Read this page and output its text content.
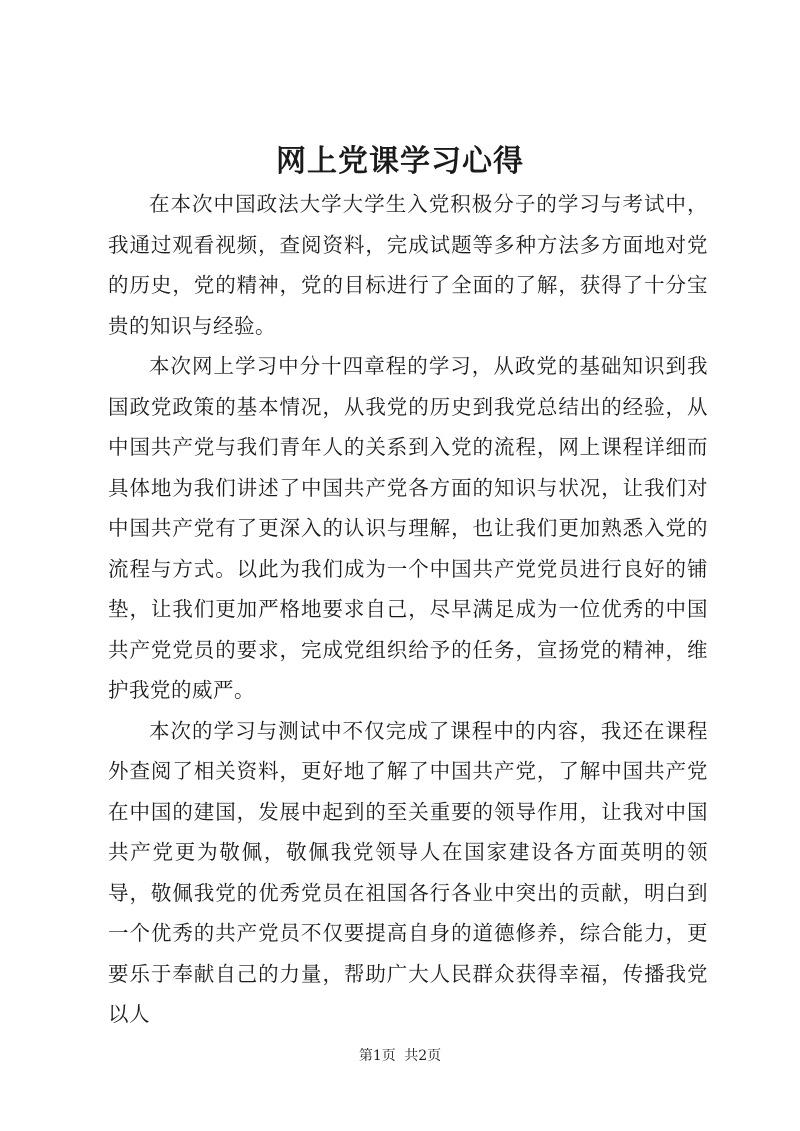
网上党课学习心得

在本次中国政法大学大学生入党积极分子的学习与考试中，我通过观看视频，查阅资料，完成试题等多种方法多方面地对党的历史，党的精神，党的目标进行了全面的了解，获得了十分宝贵的知识与经验。

本次网上学习中分十四章程的学习，从政党的基础知识到我国政党政策的基本情况，从我党的历史到我党总结出的经验，从中国共产党与我们青年人的关系到入党的流程，网上课程详细而具体地为我们讲述了中国共产党各方面的知识与状况，让我们对中国共产党有了更深入的认识与理解，也让我们更加熟悉入党的流程与方式。以此为我们成为一个中国共产党党员进行良好的铺垫，让我们更加严格地要求自己，尽早满足成为一位优秀的中国共产党党员的要求，完成党组织给予的任务，宣扬党的精神，维护我党的威严。

本次的学习与测试中不仅完成了课程中的内容，我还在课程外查阅了相关资料，更好地了解了中国共产党，了解中国共产党在中国的建国，发展中起到的至关重要的领导作用，让我对中国共产党更为敬佩，敬佩我党领导人在国家建设各方面英明的领导，敬佩我党的优秀党员在祖国各行各业中突出的贡献，明白到一个优秀的共产党员不仅要提高自身的道德修养，综合能力，更要乐于奉献自己的力量，帮助广大人民群众获得幸福，传播我党以人

第1页 共2页
